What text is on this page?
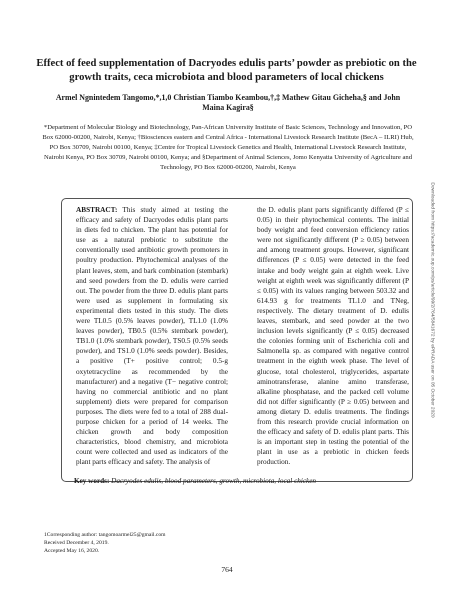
Effect of feed supplementation of Dacryodes edulis parts’ powder as prebiotic on the growth traits, ceca microbiota and blood parameters of local chickens
Armel Ngnintedem Tangomo,*,1,0 Christian Tiambo Keambou,†,‡ Mathew Gitau Gicheha,§ and John Maina Kagira§
*Department of Molecular Biology and Biotechnology, Pan-African University Institute of Basic Sciences, Technology and Innovation, PO Box 62000-00200, Nairobi, Kenya; †Biosciences eastern and Central Africa - International Livestock Research Institute (BecA – ILRI) Hub, PO Box 30709, Nairobi 00100, Kenya; ‡Centre for Tropical Livestock Genetics and Health, International Livestock Research Institute, Nairobi Kenya, PO Box 30709, Nairobi 00100, Kenya; and §Department of Animal Sciences, Jomo Kenyatta University of Agriculture and Technology, PO Box 62000-00200, Nairobi, Kenya

ABSTRACT: This study aimed at testing the efficacy and safety of Dacryodes edulis plant parts in diets fed to chicken. The plant has potential for use as a natural prebiotic to substitute the conventionally used antibiotic growth promoters in poultry production. Phytochemical analyses of the plant leaves, stem, and bark combination (stembark) and seed powders from the D. edulis were carried out. The powder from the three D. edulis plant parts were used as supplement in formulating six experimental diets tested in this study. The diets were TL0.5 (0.5% leaves powder), TL1.0 (1.0% leaves powder), TB0.5 (0.5% stembark powder), TB1.0 (1.0% stembark powder), TS0.5 (0.5% seeds powder), and TS1.0 (1.0% seeds powder). Besides, a positive (T+ positive control; 0.5-g oxytetracycline as recommended by the manufacturer) and a negative (T− negative control; having no commercial antibiotic and no plant supplement) diets were prepared for comparison purposes. The diets were fed to a total of 288 dual-purpose chicken for a period of 14 weeks. The chicken growth and body composition characteristics, blood chemistry, and microbiota count were collected and used as indicators of the plant parts efficacy and safety. The analysis of

the D. edulis plant parts significantly differed (P ≤ 0.05) in their phytochemical contents. The initial body weight and feed conversion efficiency ratios were not significantly different (P ≥ 0.05) between and among treatment groups. However, significant differences (P ≤ 0.05) were detected in the feed intake and body weight gain at eighth week. Live weight at eighth week was significantly different (P ≤ 0.05) with its values ranging between 503.32 and 614.93 g for treatments TL1.0 and TNeg, respectively. The dietary treatment of D. edulis leaves, stembark, and seed powder at the two inclusion levels significantly (P ≤ 0.05) decreased the colonies forming unit of Escherichia coli and Salmonella sp. as compared with negative control treatment in the eighth week phase. The level of glucose, total cholesterol, triglycerides, aspartate aminotransferase, alanine amino transferase, alkaline phosphatase, and the packed cell volume did not differ significantly (P ≥ 0.05) between and among dietary D. edulis treatments. The findings from this research provide crucial information on the efficacy and safety of D. edulis plant parts. This is an important step in testing the potential of the plant in use as a prebiotic in chicken feeds production.

Key words: Dacryodes edulis, blood parameters, growth, microbiota, local chicken
1Corresponding author: tangomoarmel25@gmail.com
Received December 4, 2019.
Accepted May 16, 2020.
764
Downloaded from https://academic.oup.com/ps/article/99/2/764/5841672 by ePRADA user on 05 October 2020
